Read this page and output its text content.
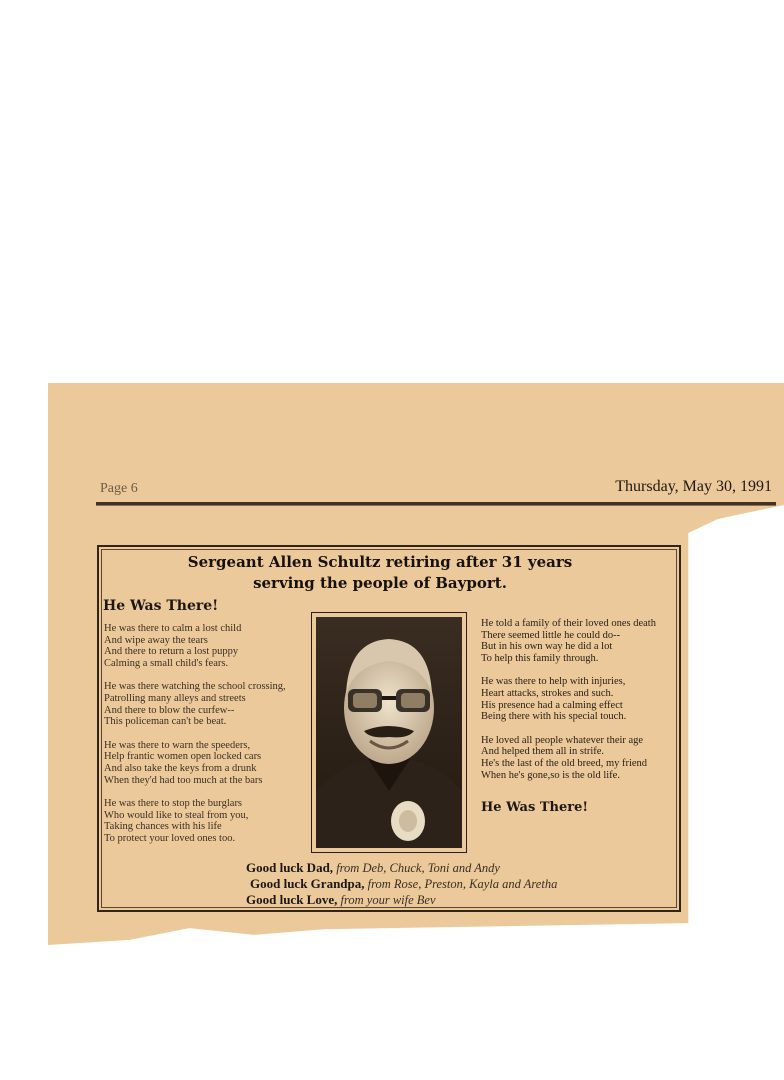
Page 6	Thursday, May 30, 1991
Sergeant Allen Schultz retiring after 31 years
serving the people of Bayport.
He Was There!
He was there to calm a lost child
And wipe away the tears
And there to return a lost puppy
Calming a small child's fears.
He was there watching the school crossing,
Patrolling many alleys and streets
And there to blow the curfew--
This policeman can't be beat.
He was there to warn the speeders,
Help frantic women open locked cars
And also take the keys from a drunk
When they'd had too much at the bars
He was there to stop the burglars
Who would like to steal from you,
Taking chances with his life
To protect your loved ones too.
He told a family of their loved ones death
There seemed little he could do--
But in his own way he did a lot
To help this family through.
He was there to help with injuries,
Heart attacks, strokes and such.
His presence had a calming effect
Being there with his special touch.
He loved all people whatever their age
And helped them all in strife.
He's the last of the old breed, my friend
When he's gone,so is the old life.
He Was There!
Good luck Dad, from Deb, Chuck, Toni and Andy
Good luck Grandpa, from Rose, Preston, Kayla and Aretha
Good luck Love, from your wife Bev
